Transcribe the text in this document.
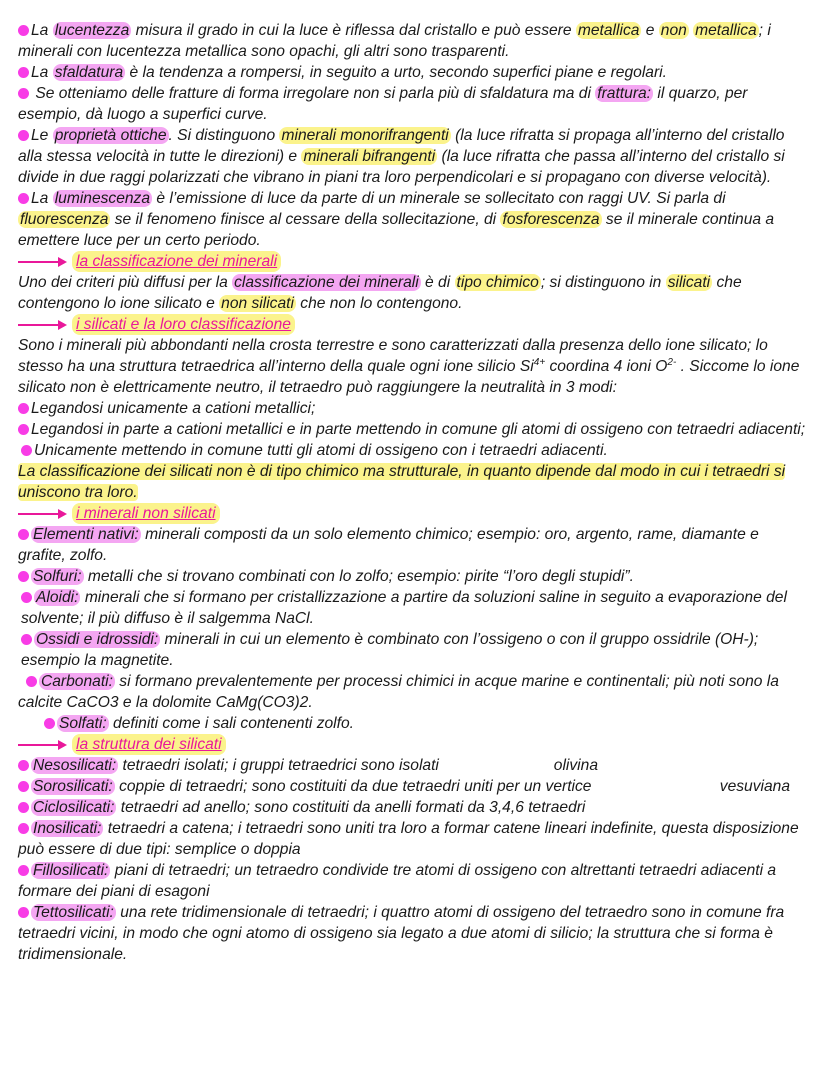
La lucentezza misura il grado in cui la luce è riflessa dal cristallo e può essere metallica e non metallica ; i minerali con lucentezza metallica sono opachi, gli altri sono trasparenti.

La sfaldatura è la tendenza a rompersi, in seguito a urto, secondo superfici piane e regolari.

Se otteniamo delle fratture di forma irregolare non si parla più di sfaldatura ma di frattura: il quarzo, per esempio, dà luogo a superfici curve.

Le proprietà ottiche . Si distinguono minerali monorifrangenti (la luce rifratta si propaga all’interno del cristallo alla stessa velocità in tutte le direzioni) e minerali bifrangenti (la luce rifratta che passa all’interno del cristallo si divide in due raggi polarizzati che vibrano in piani tra loro perpendicolari e si propagano con diverse velocità).

La luminescenza è l’emissione di luce da parte di un minerale se sollecitato con raggi UV. Si parla di fluorescenza se il fenomeno finisce al cessare della sollecitazione, di fosforescenza se il minerale continua a emettere luce per un certo periodo.

la classificazione dei minerali

Uno dei criteri più diffusi per la classificazione dei minerali è di tipo chimico ; si distinguono in silicati che contengono lo ione silicato e non silicati che non lo contengono.

i silicati e la loro classificazione

Sono i minerali più abbondanti nella crosta terrestre e sono caratterizzati dalla presenza dello ione silicato; lo stesso ha una struttura tetraedrica all’interno della quale ogni ione silicio $Si^{4+}$ coordina 4 ioni $O^{2-}$ . Siccome lo ione silicato non è elettricamente neutro, il tetraedro può raggiungere la neutralità in 3 modi:

Legandosi unicamente a cationi metallici;

Legandosi in parte a cationi metallici e in parte mettendo in comune gli atomi di ossigeno con tetraedri adiacenti;

Unicamente mettendo in comune tutti gli atomi di ossigeno con i tetraedri adiacenti.

La classificazione dei silicati non è di tipo chimico ma strutturale, in quanto dipende dal modo in cui i tetraedri si uniscono tra loro.

i minerali non silicati

Elementi nativi: minerali composti da un solo elemento chimico; esempio: oro, argento, rame, diamante e grafite, zolfo.

Solfuri: metalli che si trovano combinati con lo zolfo; esempio: pirite “l’oro degli stupidi”.

Aloidi: minerali che si formano per cristallizzazione a partire da soluzioni saline in seguito a evaporazione del solvente; il più diffuso è il salgemma NaCl.

Ossidi e idrossidi: minerali in cui un elemento è combinato con l’ossigeno o con il gruppo ossidrile (OH-); esempio la magnetite.

Carbonati: si formano prevalentemente per processi chimici in acque marine e continentali; più noti sono la calcite CaCO3 e la dolomite CaMg(CO3)2.

Solfati: definiti come i sali contenenti zolfo.

la struttura dei silicati

Nesosilicati: tetraedri isolati; i gruppi tetraedrici sono isolati	olivina

Sorosilicati: coppie di tetraedri; sono costituiti da due tetraedri uniti per un vertice	vesuviana

Ciclosilicati: tetraedri ad anello; sono costituiti da anelli formati da 3,4,6 tetraedri

Inosilicati: tetraedri a catena; i tetraedri sono uniti tra loro a formar catene lineari indefinite, questa disposizione può essere di due tipi: semplice o doppia

Fillosilicati: piani di tetraedri; un tetraedro condivide tre atomi di ossigeno con altrettanti tetraedri adiacenti a formare dei piani di esagoni

Tettosilicati: una rete tridimensionale di tetraedri; i quattro atomi di ossigeno del tetraedro sono in comune fra tetraedri vicini, in modo che ogni atomo di ossigeno sia legato a due atomi di silicio; la struttura che si forma è tridimensionale.
